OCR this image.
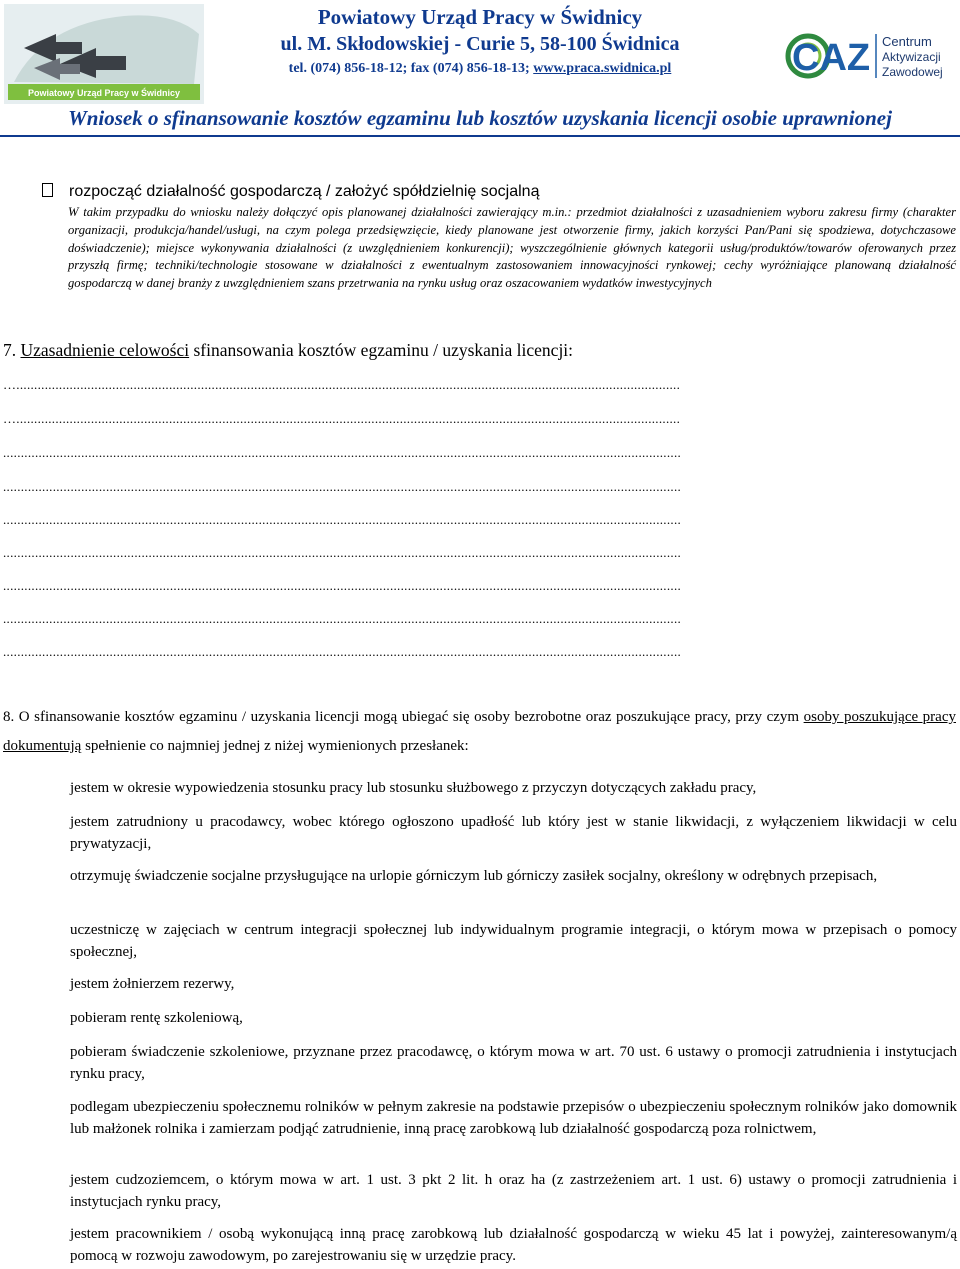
Powiatowy Urząd Pracy w Świdnicy
Powiatowy Urząd Pracy w Świdnicy
ul. M. Skłodowskiej - Curie 5, 58-100 Świdnica
tel. (074) 856-18-12; fax (074) 856-18-13; www.praca.swidnica.pl	CAZ Centrum
Aktywizacji
Zawodowej
Wniosek o sfinansowanie kosztów egzaminu lub kosztów uzyskania licencji osobie uprawnionej
rozpocząć działalność gospodarczą / założyć spółdzielnię socjalną
W takim przypadku do wniosku należy dołączyć opis planowanej działalności zawierający m.in.: przedmiot działalności z uzasadnieniem wyboru zakresu firmy (charakter organizacji, produkcja/handel/usługi, na czym polega przedsięwzięcie, kiedy planowane jest otworzenie firmy, jakich korzyści Pan/Pani się spodziewa, dotychczasowe doświadczenie); miejsce wykonywania działalności (z uwzględnieniem konkurencji); wyszczególnienie głównych kategorii usług/produktów/towarów oferowanych przez przyszłą firmę; techniki/technologie stosowane w działalności z ewentualnym zastosowaniem innowacyjności rynkowej; cechy wyróżniające planowaną działalność gospodarczą w danej branży z uwzględnieniem szans przetrwania na rynku usług oraz oszacowaniem wydatków inwestycyjnych
7. Uzasadnienie celowości sfinansowania kosztów egzaminu / uzyskania licencji:
…...........................................................................................................................................................................................
…...........................................................................................................................................................................................
...............................................................................................................................................................................................
...............................................................................................................................................................................................
...............................................................................................................................................................................................
...............................................................................................................................................................................................
...............................................................................................................................................................................................
...............................................................................................................................................................................................
...............................................................................................................................................................................................
8. O sfinansowanie kosztów egzaminu / uzyskania licencji mogą ubiegać się osoby bezrobotne oraz poszukujące pracy, przy czym osoby poszukujące pracy dokumentują spełnienie co najmniej jednej z niżej wymienionych przesłanek:
jestem w okresie wypowiedzenia stosunku pracy lub stosunku służbowego z przyczyn dotyczących zakładu pracy,
jestem zatrudniony u pracodawcy, wobec którego ogłoszono upadłość lub który jest w stanie likwidacji, z wyłączeniem likwidacji w celu prywatyzacji,
otrzymuję świadczenie socjalne przysługujące na urlopie górniczym lub górniczy zasiłek socjalny, określony w odrębnych przepisach,
uczestniczę w zajęciach w centrum integracji społecznej lub indywidualnym programie integracji, o którym mowa w przepisach o pomocy społecznej,
jestem żołnierzem rezerwy,
pobieram rentę szkoleniową,
pobieram świadczenie szkoleniowe, przyznane przez pracodawcę, o którym mowa w art. 70 ust. 6 ustawy o promocji zatrudnienia i instytucjach rynku pracy,
podlegam ubezpieczeniu społecznemu rolników w pełnym zakresie na podstawie przepisów o ubezpieczeniu społecznym rolników jako domownik lub małżonek rolnika i zamierzam podjąć zatrudnienie, inną pracę zarobkową lub działalność gospodarczą poza rolnictwem,
jestem cudzoziemcem, o którym mowa w art. 1 ust. 3 pkt 2 lit. h oraz ha (z zastrzeżeniem art. 1 ust. 6) ustawy o promocji zatrudnienia i instytucjach rynku pracy,
jestem pracownikiem / osobą wykonującą inną pracę zarobkową lub działalność gospodarczą w wieku 45 lat i powyżej, zainteresowanym/ą pomocą w rozwoju zawodowym, po zarejestrowaniu się w urzędzie pracy.
